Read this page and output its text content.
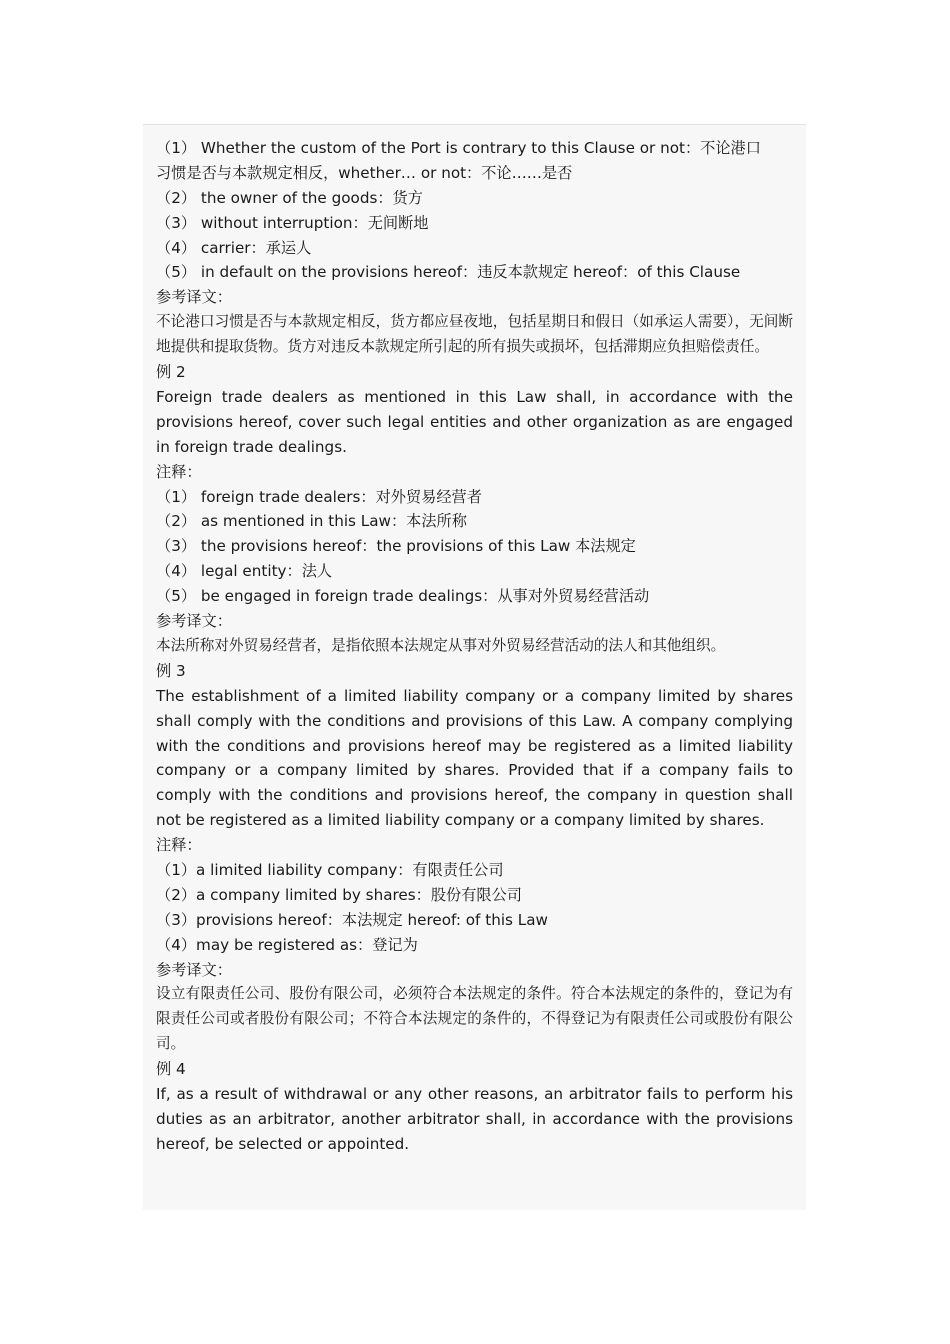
（1） Whether the custom of the Port is contrary to this Clause or not：不论港口
习惯是否与本款规定相反，whether… or not：不论……是否
（2） the owner of the goods：货方
（3） without interruption：无间断地
（4） carrier：承运人
（5） in default on the provisions hereof：违反本款规定 hereof：of this Clause
参考译文：

不论港口习惯是否与本款规定相反，货方都应昼夜地，包括星期日和假日（如承运人需要），无间断地提供和提取货物。货方对违反本款规定所引起的所有损失或损坏，包括滞期应负担赔偿责任。

例 2

Foreign trade dealers as mentioned in this Law shall, in accordance with the provisions hereof, cover such legal entities and other organization as are engaged in foreign trade dealings.

注释：
（1） foreign trade dealers：对外贸易经营者
（2） as mentioned in this Law：本法所称
（3） the provisions hereof：the provisions of this Law 本法规定
（4） legal entity：法人
（5） be engaged in foreign trade dealings：从事对外贸易经营活动
参考译文：

本法所称对外贸易经营者，是指依照本法规定从事对外贸易经营活动的法人和其他组织。

例 3

The establishment of a limited liability company or a company limited by shares shall comply with the conditions and provisions of this Law. A company complying with the conditions and provisions hereof may be registered as a limited liability company or a company limited by shares. Provided that if a company fails to comply with the conditions and provisions hereof, the company in question shall not be registered as a limited liability company or a company limited by shares.

注释：
（1）a limited liability company：有限责任公司
（2）a company limited by shares：股份有限公司
（3）provisions hereof：本法规定 hereof: of this Law
（4）may be registered as：登记为
参考译文：

设立有限责任公司、股份有限公司，必须符合本法规定的条件。符合本法规定的条件的，登记为有限责任公司或者股份有限公司；不符合本法规定的条件的，不得登记为有限责任公司或股份有限公司。

例 4

If, as a result of withdrawal or any other reasons, an arbitrator fails to perform his duties as an arbitrator, another arbitrator shall, in accordance with the provisions hereof, be selected or appointed.
